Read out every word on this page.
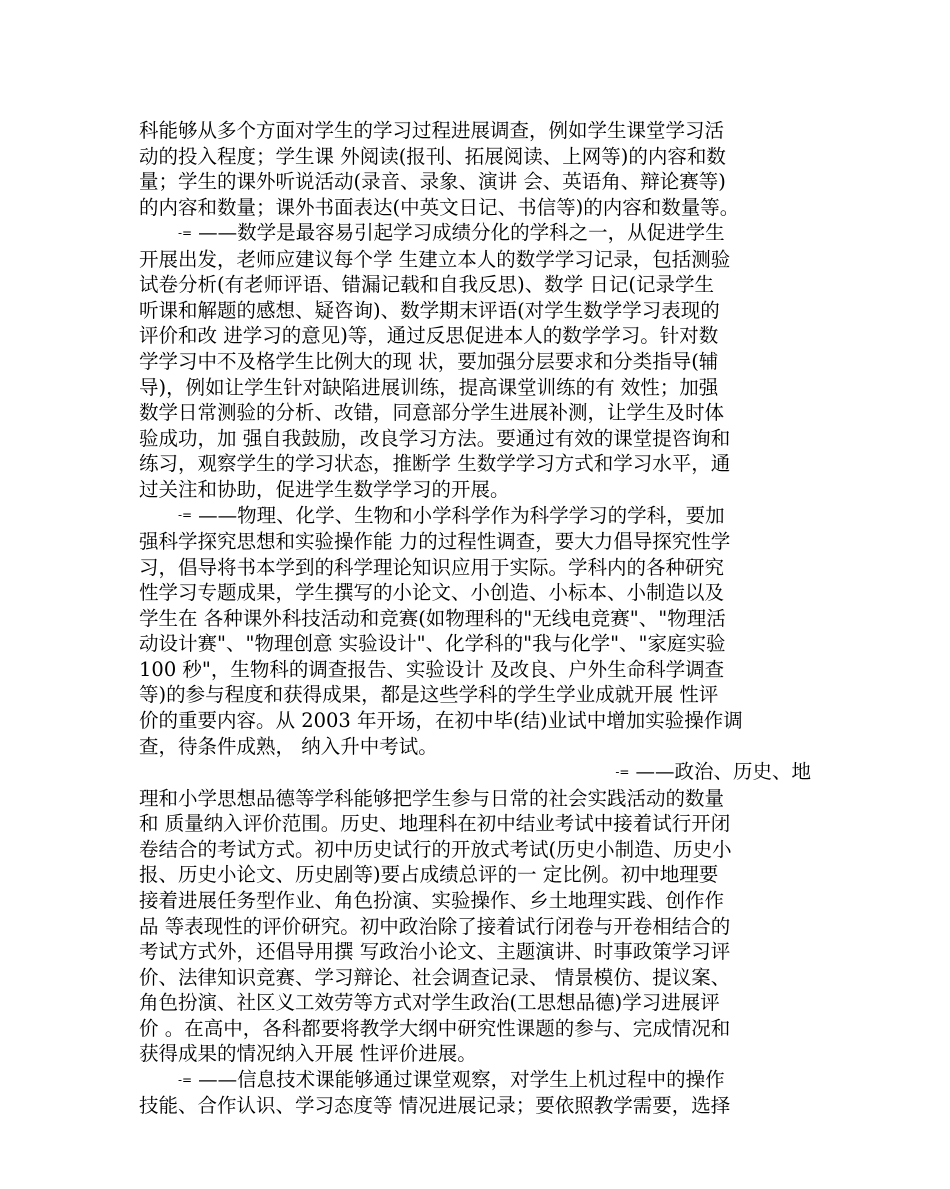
科能够从多个方面对学生的学习过程进展调查，例如学生课堂学习活
动的投入程度；学生课 外阅读(报刊、拓展阅读、上网等)的内容和数
量；学生的课外听说活动(录音、录象、演讲 会、英语角、辩论赛等)
的内容和数量；课外书面表达(中英文日记、书信等)的内容和数量等。

-= ——数学是最容易引起学习成绩分化的学科之一，从促进学生
开展出发，老师应建议每个学 生建立本人的数学学习记录，包括测验
试卷分析(有老师评语、错漏记载和自我反思)、数学 日记(记录学生
听课和解题的感想、疑咨询)、数学期末评语(对学生数学学习表现的
评价和改 进学习的意见)等，通过反思促进本人的数学学习。针对数
学学习中不及格学生比例大的现 状，要加强分层要求和分类指导(辅
导)，例如让学生针对缺陷进展训练，提高课堂训练的有 效性；加强
数学日常测验的分析、改错，同意部分学生进展补测，让学生及时体
验成功，加 强自我鼓励，改良学习方法。要通过有效的课堂提咨询和
练习，观察学生的学习状态，推断学 生数学学习方式和学习水平，通
过关注和协助，促进学生数学学习的开展。

-= ——物理、化学、生物和小学科学作为科学学习的学科，要加
强科学探究思想和实验操作能 力的过程性调查，要大力倡导探究性学
习，倡导将书本学到的科学理论知识应用于实际。学科内的各种研究
性学习专题成果，学生撰写的小论文、小创造、小标本、小制造以及
学生在 各种课外科技活动和竞赛(如物理科的"无线电竞赛"、"物理活
动设计赛"、"物理创意 实验设计"、化学科的"我与化学"、"家庭实验
100 秒"，生物科的调查报告、实验设计 及改良、户外生命科学调查
等)的参与程度和获得成果，都是这些学科的学生学业成就开展 性评
价的重要内容。从 2003 年开场，在初中毕(结)业试中增加实验操作调
查，待条件成熟， 纳入升中考试。

-= ——政治、历史、地
理和小学思想品德等学科能够把学生参与日常的社会实践活动的数量
和 质量纳入评价范围。历史、地理科在初中结业考试中接着试行开闭
卷结合的考试方式。初中历史试行的开放式考试(历史小制造、历史小
报、历史小论文、历史剧等)要占成绩总评的一 定比例。初中地理要
接着进展任务型作业、角色扮演、实验操作、乡土地理实践、创作作
品 等表现性的评价研究。初中政治除了接着试行闭卷与开卷相结合的
考试方式外，还倡导用撰 写政治小论文、主题演讲、时事政策学习评
价、法律知识竞赛、学习辩论、社会调查记录、 情景模仿、提议案、
角色扮演、社区义工效劳等方式对学生政治(工思想品德)学习进展评
价 。在高中，各科都要将教学大纲中研究性课题的参与、完成情况和
获得成果的情况纳入开展 性评价进展。

-= ——信息技术课能够通过课堂观察，对学生上机过程中的操作
技能、合作认识、学习态度等 情况进展记录；要依照教学需要，选择
